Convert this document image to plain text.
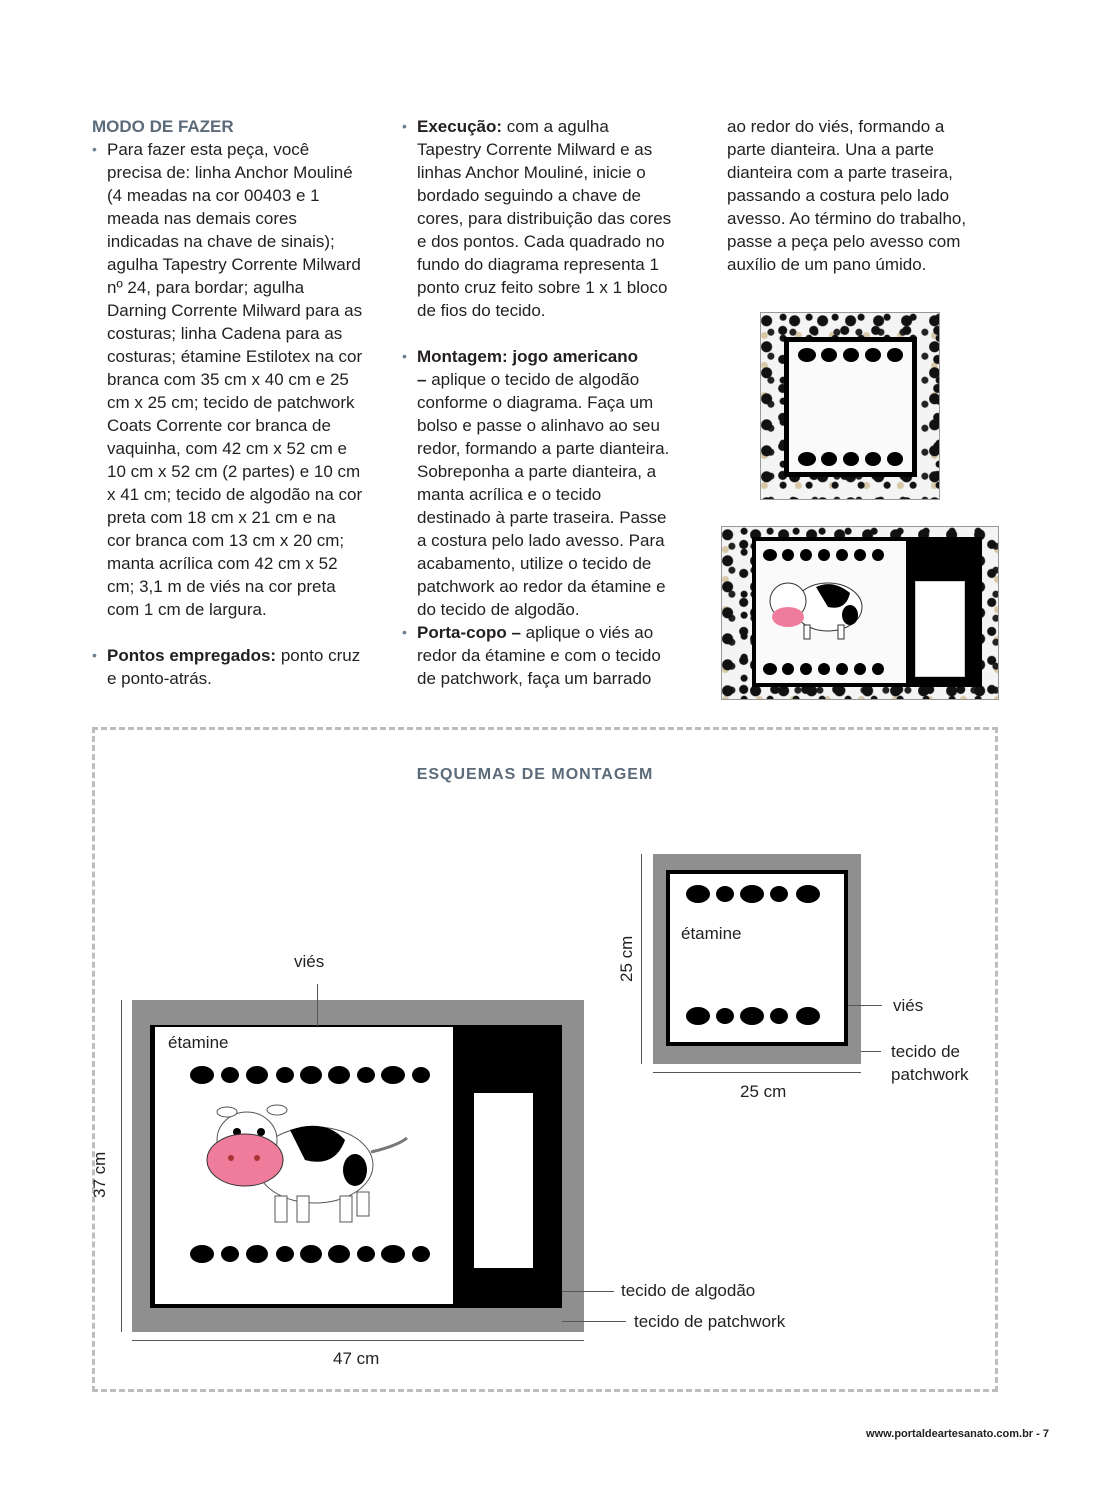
MODO DE FAZER
• Para fazer esta peça, você
precisa de: linha Anchor Mouliné
(4 meadas na cor 00403 e 1
meada nas demais cores
indicadas na chave de sinais);
agulha Tapestry Corrente Milward
nº 24, para bordar; agulha
Darning Corrente Milward para as
costuras; linha Cadena para as
costuras; étamine Estilotex na cor
branca com 35 cm x 40 cm e 25
cm x 25 cm; tecido de patchwork
Coats Corrente cor branca de
vaquinha, com 42 cm x 52 cm e
10 cm x 52 cm (2 partes) e 10 cm
x 41 cm; tecido de algodão na cor
preta com 18 cm x 21 cm e na
cor branca com 13 cm x 20 cm;
manta acrílica com 42 cm x 52
cm; 3,1 m de viés na cor preta
com 1 cm de largura.
• Pontos empregados: ponto cruz
e ponto-atrás.
• Execução: com a agulha
Tapestry Corrente Milward e as
linhas Anchor Mouliné, inicie o
bordado seguindo a chave de
cores, para distribuição das cores
e dos pontos. Cada quadrado no
fundo do diagrama representa 1
ponto cruz feito sobre 1 x 1 bloco
de fios do tecido.
• Montagem: jogo americano
– aplique o tecido de algodão
conforme o diagrama. Faça um
bolso e passe o alinhavo ao seu
redor, formando a parte dianteira.
Sobreponha a parte dianteira, a
manta acrílica e o tecido
destinado à parte traseira. Passe
a costura pelo lado avesso. Para
acabamento, utilize o tecido de
patchwork ao redor da étamine e
do tecido de algodão.
• Porta-copo – aplique o viés ao
redor da étamine e com o tecido
de patchwork, faça um barrado
ao redor do viés, formando a
parte dianteira. Una a parte
dianteira com a parte traseira,
passando a costura pelo lado
avesso. Ao término do trabalho,
passe a peça pelo avesso com
auxílio de um pano úmido.
ESQUEMAS DE MONTAGEM
étamine
viés
37 cm
47 cm
tecido de algodão
tecido de patchwork
étamine
25 cm
25 cm
viés
tecido de
patchwork
www.portaldeartesanato.com.br - 7
